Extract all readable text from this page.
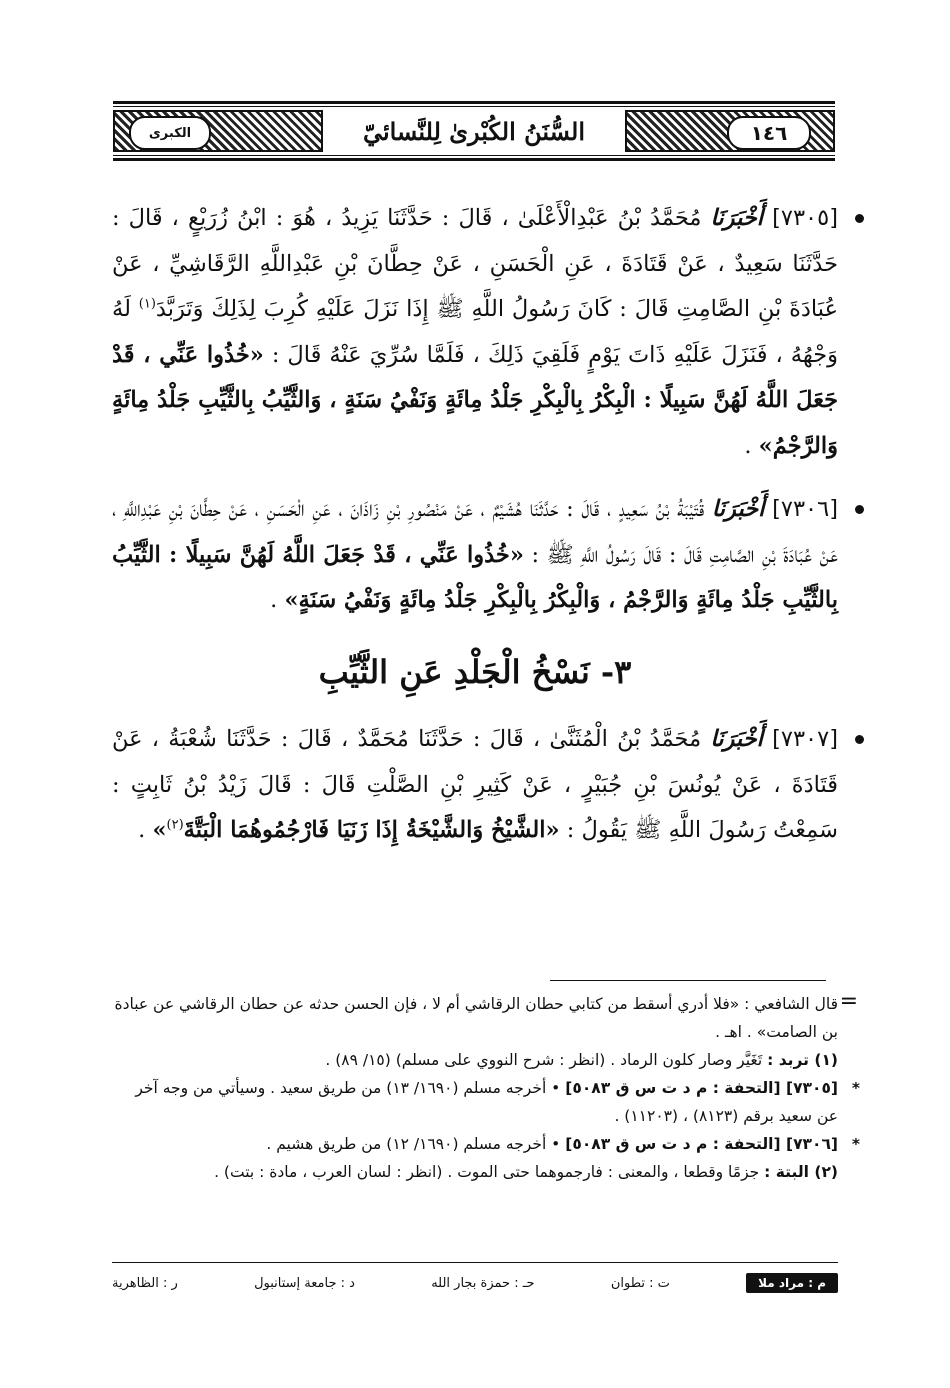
الكبرى	السُّنَنُ الكُبْرىٰ لِلنَّسائيّ	١٤٦

[٧٣٠٥] أَخْبَرَنَا مُحَمَّدُ بْنُ عَبْدِالْأَعْلَىٰ ، قَالَ : حَدَّثَنَا يَزِيدُ ، هُوَ : ابْنُ زُرَيْعٍ ، قَالَ : حَدَّثَنَا سَعِيدٌ ، عَنْ قَتَادَةَ ، عَنِ الْحَسَنِ ، عَنْ حِطَّانَ بْنِ عَبْدِاللَّهِ الرَّقَاشِيِّ ، عَنْ عُبَادَةَ بْنِ الصَّامِتِ قَالَ : كَانَ رَسُولُ اللَّهِ ﷺ إِذَا نَزَلَ عَلَيْهِ كُرِبَ لِذَلِكَ وَتَرَبَّدَ$^{(١)}$ لَهُ وَجْهُهُ ، فَنَزَلَ عَلَيْهِ ذَاتَ يَوْمٍ فَلَقِيَ ذَلِكَ ، فَلَمَّا سُرِّيَ عَنْهُ قَالَ : «خُذُوا عَنِّي ، قَدْ جَعَلَ اللَّهُ لَهُنَّ سَبِيلًا : الْبِكْرُ بِالْبِكْرِ جَلْدُ مِائَةٍ وَنَفْيُ سَنَةٍ ، وَالثَّيِّبُ بِالثَّيِّبِ جَلْدُ مِائَةٍ وَالرَّجْمُ» .

[٧٣٠٦] أَخْبَرَنَا قُتَيْبَةُ بْنُ سَعِيدٍ ، قَالَ : حَدَّثَنَا هُشَيْمٌ ، عَنْ مَنْصُورِ بْنِ زَاذَانَ ، عَنِ الْحَسَنِ ، عَنْ حِطَّانَ بْنِ عَبْدِاللَّهِ ، عَنْ عُبَادَةَ بْنِ الصَّامِتِ قَالَ : قَالَ رَسُولُ اللَّهِ ﷺ : «خُذُوا عَنِّي ، قَدْ جَعَلَ اللَّهُ لَهُنَّ سَبِيلًا : الثَّيِّبُ بِالثَّيِّبِ جَلْدُ مِائَةٍ وَالرَّجْمُ ، وَالْبِكْرُ بِالْبِكْرِ جَلْدُ مِائَةٍ وَنَفْيُ سَنَةٍ» .

٣- نَسْخُ الْجَلْدِ عَنِ الثَّيِّبِ

[٧٣٠٧] أَخْبَرَنَا مُحَمَّدُ بْنُ الْمُثَنَّىٰ ، قَالَ : حَدَّثَنَا مُحَمَّدٌ ، قَالَ : حَدَّثَنَا شُعْبَةُ ، عَنْ قَتَادَةَ ، عَنْ يُونُسَ بْنِ جُبَيْرٍ ، عَنْ كَثِيرِ بْنِ الصَّلْتِ قَالَ : قَالَ زَيْدُ بْنُ ثَابِتٍ : سَمِعْتُ رَسُولَ اللَّهِ ﷺ يَقُولُ : «الشَّيْخُ وَالشَّيْخَةُ إِذَا زَنَيَا فَارْجُمُوهُمَا الْبَتَّةَ$^{(٢)}$» .

=
قال الشافعي : «فلا أدري أسقط من كتابي حطان الرقاشي أم لا ، فإن الحسن حدثه عن حطان الرقاشي عن عبادة بن الصامت» . اهـ .

(١) تربد : تَغَيَّر وصار كلون الرماد . (انظر : شرح النووي على مسلم) (١٥/ ٨٩) .

*
[٧٣٠٥] [التحفة : م د ت س ق ٥٠٨٣] • أخرجه مسلم (١٦٩٠/ ١٣) من طريق سعيد . وسيأتي من وجه آخر عن سعيد برقم (٨١٢٣) ، (١١٢٠٣) .

*
[٧٣٠٦] [التحفة : م د ت س ق ٥٠٨٣] • أخرجه مسلم (١٦٩٠/ ١٢) من طريق هشيم .

(٢) البتة : جزمًا وقطعا ، والمعنى : فارجموهما حتى الموت . (انظر : لسان العرب ، مادة : بتت) .

م : مراد ملا
ت : تطوان
حـ : حمزة بجار الله
د : جامعة إستانبول
ر : الظاهرية
